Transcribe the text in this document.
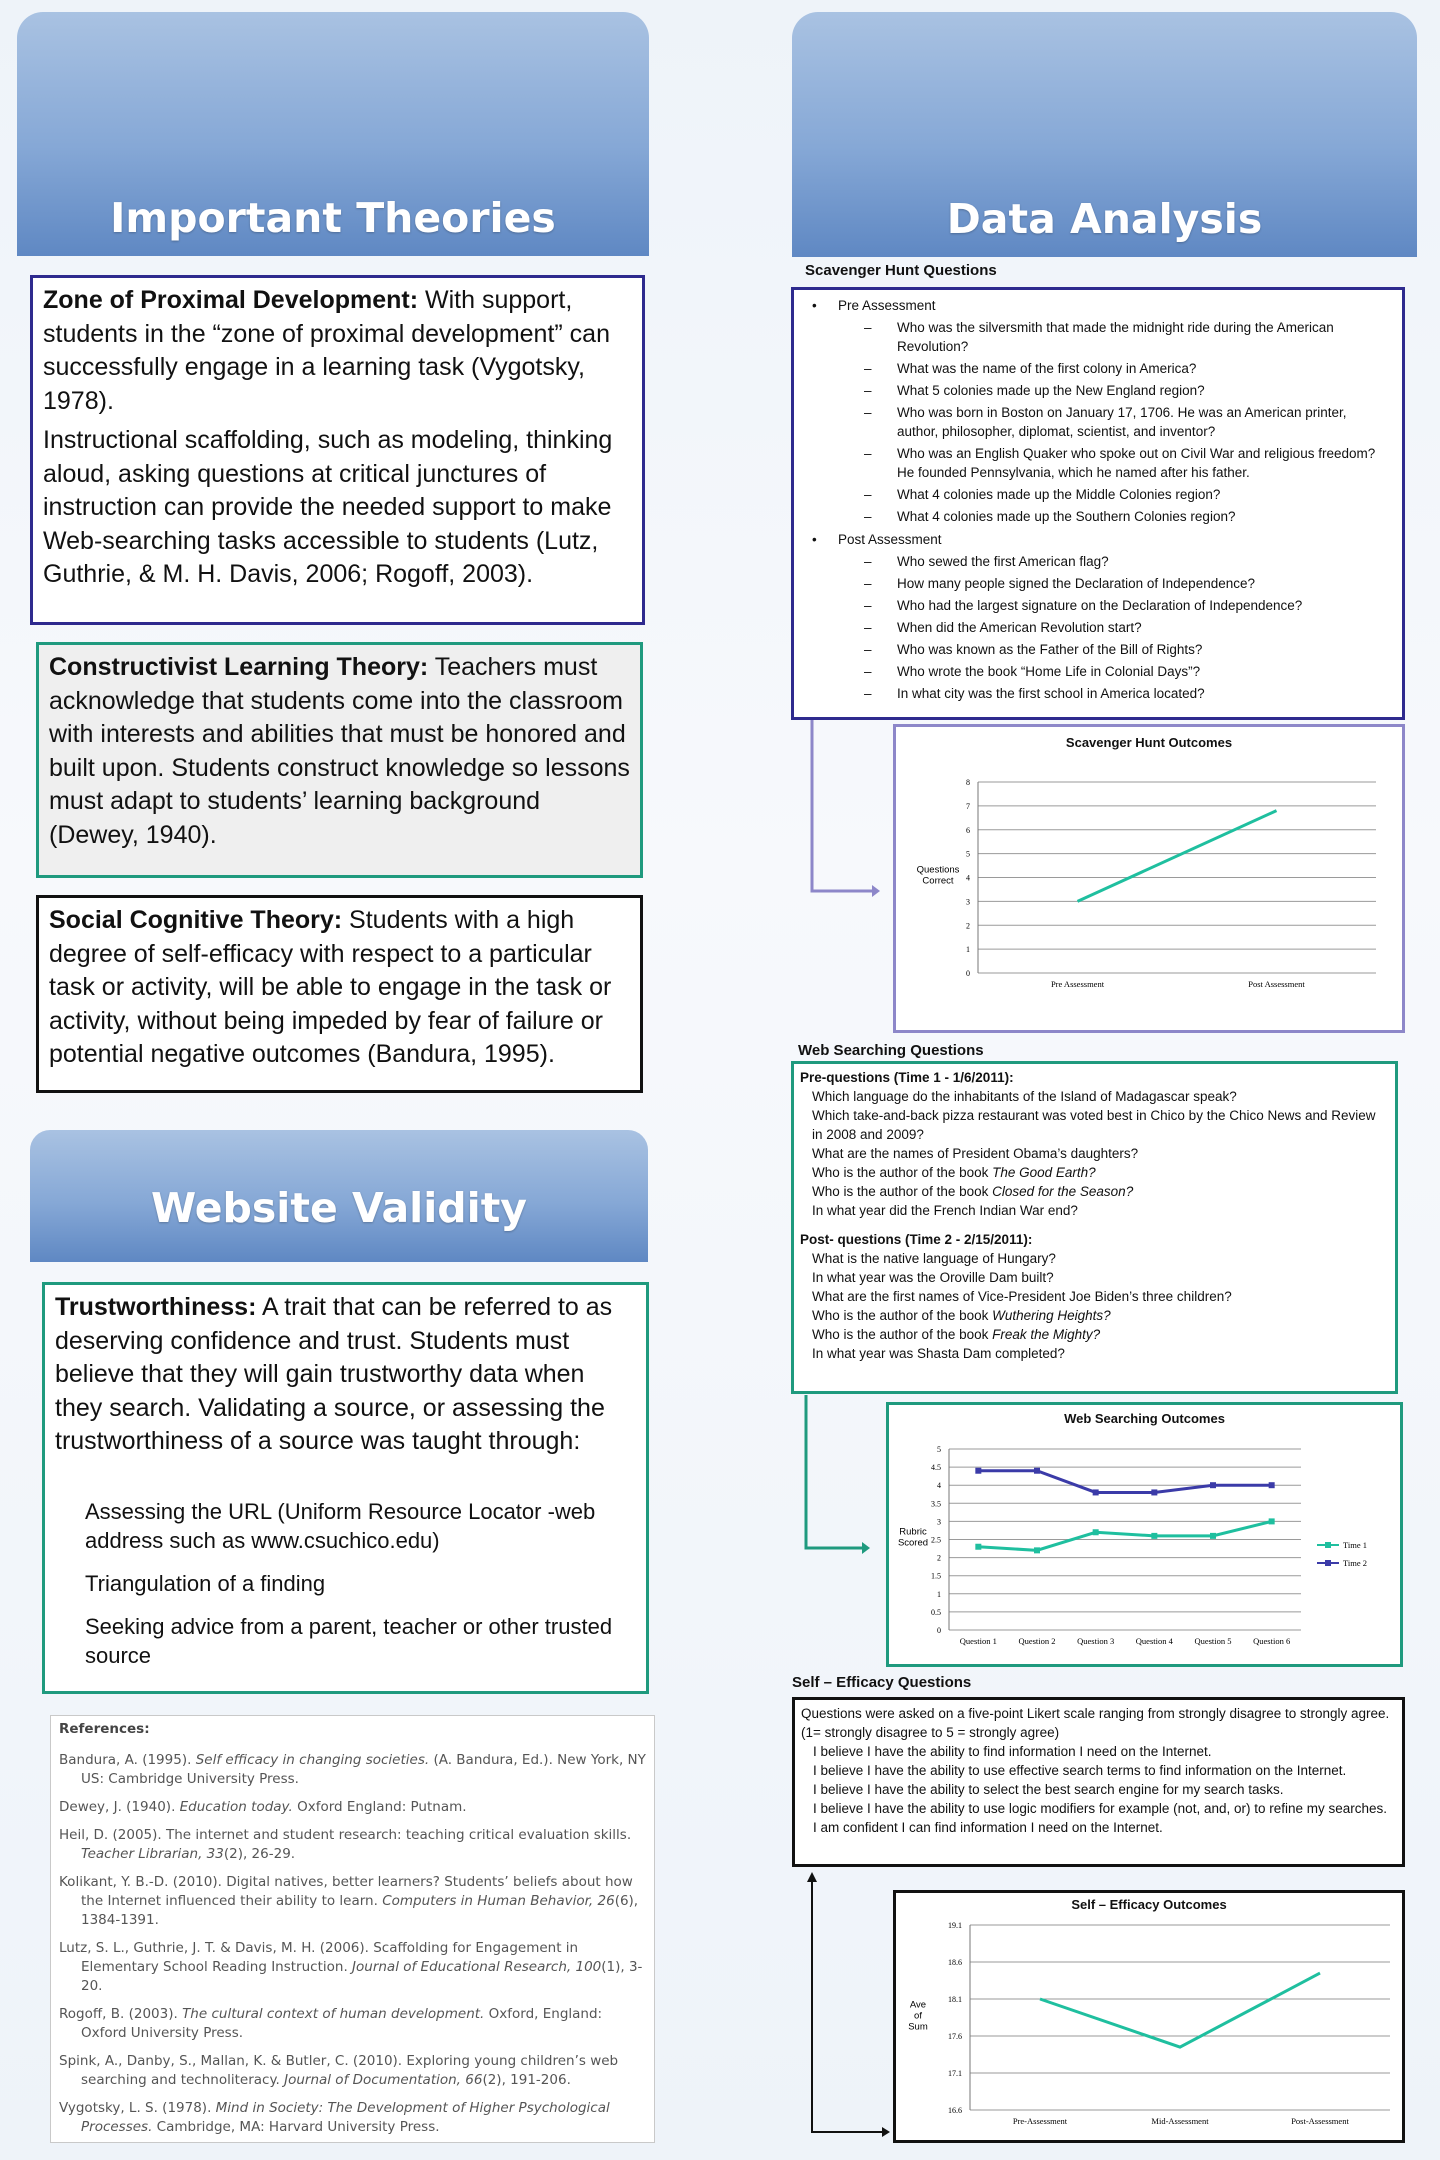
Important Theories

Zone of Proximal Development: With support, students in the “zone of proximal development” can successfully engage in a learning task (Vygotsky, 1978).

Instructional scaffolding, such as modeling, thinking aloud, asking questions at critical junctures of instruction can provide the needed support to make Web-searching tasks accessible to students (Lutz, Guthrie, & M. H. Davis, 2006; Rogoff, 2003).

Constructivist Learning Theory: Teachers must acknowledge that students come into the classroom with interests and abilities that must be honored and built upon. Students construct knowledge so lessons must adapt to students’ learning background (Dewey, 1940).

Social Cognitive Theory: Students with a high degree of self-efficacy with respect to a particular task or activity, will be able to engage in the task or activity, without being impeded by fear of failure or potential negative outcomes (Bandura, 1995).

Website Validity

Trustworthiness: A trait that can be referred to as deserving confidence and trust. Students must believe that they will gain trustworthy data when they search. Validating a source, or assessing the trustworthiness of a source was taught through:

Assessing the URL (Uniform Resource Locator -web address such as www.csuchico.edu)
Triangulation of a finding
Seeking advice from a parent, teacher or other trusted source
References:
Bandura, A. (1995). Self efficacy in changing societies. (A. Bandura, Ed.). New York, NY US: Cambridge University Press.
Dewey, J. (1940). Education today. Oxford England: Putnam.
Heil, D. (2005). The internet and student research: teaching critical evaluation skills. Teacher Librarian, 33(2), 26-29.
Kolikant, Y. B.-D. (2010). Digital natives, better learners? Students’ beliefs about how the Internet influenced their ability to learn. Computers in Human Behavior, 26(6), 1384-1391.
Lutz, S. L., Guthrie, J. T. & Davis, M. H. (2006). Scaffolding for Engagement in Elementary School Reading Instruction. Journal of Educational Research, 100(1), 3-20.
Rogoff, B. (2003). The cultural context of human development. Oxford, England: Oxford University Press.
Spink, A., Danby, S., Mallan, K. & Butler, C. (2010). Exploring young children’s web searching and technoliteracy. Journal of Documentation, 66(2), 191-206.
Vygotsky, L. S. (1978). Mind in Society: The Development of Higher Psychological Processes. Cambridge, MA: Harvard University Press.
Data Analysis
Scavenger Hunt Questions
• Pre Assessment
– Who was the silversmith that made the midnight ride during the American Revolution?
– What was the name of the first colony in America?
– What 5 colonies made up the New England region?
– Who was born in Boston on January 17, 1706. He was an American printer, author, philosopher, diplomat, scientist, and inventor?
– Who was an English Quaker who spoke out on Civil War and religious freedom? He founded Pennsylvania, which he named after his father.
– What 4 colonies made up the Middle Colonies region?
– What 4 colonies made up the Southern Colonies region?
• Post Assessment
– Who sewed the first American flag?
– How many people signed the Declaration of Independence?
– Who had the largest signature on the Declaration of Independence?
– When did the American Revolution start?
– Who was known as the Father of the Bill of Rights?
– Who wrote the book “Home Life in Colonial Days”?
– In what city was the first school in America located?
Scavenger Hunt Outcomes
0
1
2
3
4
5
6
7
8
Pre Assessment	Post Assessment
Questions
Correct
Web Searching Questions
Pre-questions (Time 1 - 1/6/2011):
Which language do the inhabitants of the Island of Madagascar speak?
Which take-and-back pizza restaurant was voted best in Chico by the Chico News and Review in 2008 and 2009?
What are the names of President Obama’s daughters?
Who is the author of the book The Good Earth?
Who is the author of the book Closed for the Season?
In what year did the French Indian War end?
Post- questions (Time 2 - 2/15/2011):
What is the native language of Hungary?
In what year was the Oroville Dam built?
What are the first names of Vice-President Joe Biden’s three children?
Who is the author of the book Wuthering Heights?
Who is the author of the book Freak the Mighty?
In what year was Shasta Dam completed?
Web Searching Outcomes
0
0.5
1
1.5
2
2.5
3
3.5
4
4.5
5
Question 1	Question 2	Question 3	Question 4	Question 5	Question 6
Rubric
Scored	Time 1
Time 2
Self – Efficacy Questions
Questions were asked on a five-point Likert scale ranging from strongly disagree to strongly agree. (1= strongly disagree to 5 = strongly agree)
I believe I have the ability to find information I need on the Internet.
I believe I have the ability to use effective search terms to find information on the Internet.
I believe I have the ability to select the best search engine for my search tasks.
I believe I have the ability to use logic modifiers for example (not, and, or) to refine my searches.
I am confident I can find information I need on the Internet.
Self – Efficacy Outcomes
16.6
17.1
17.6
18.1
18.6
19.1
Pre-Assessment	Mid-Assessment	Post-Assessment
Ave
of
Sum
